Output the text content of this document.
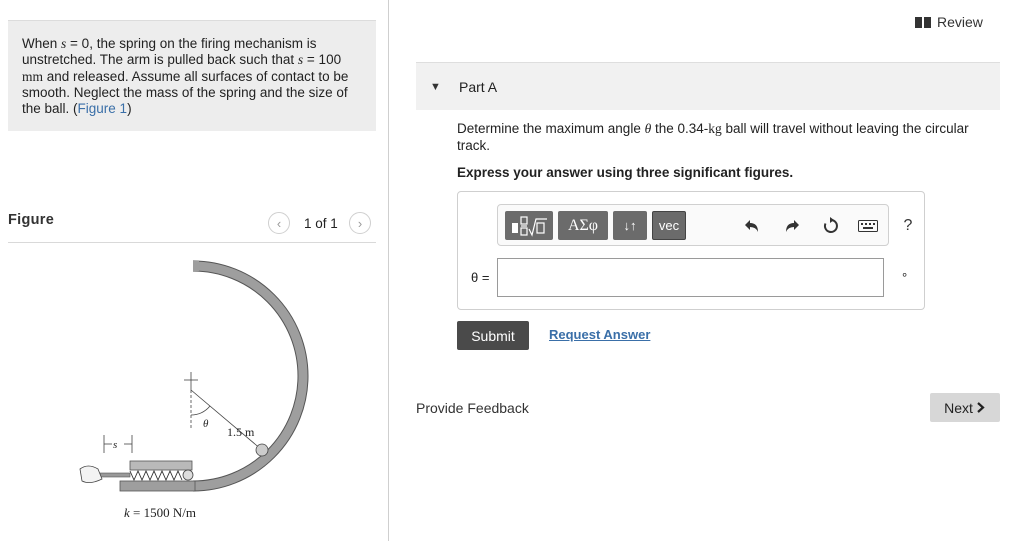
When s = 0, the spring on the firing mechanism is unstretched. The arm is pulled back such that s = 100 mm and released. Assume all surfaces of contact to be smooth. Neglect the mass of the spring and the size of the ball. (Figure 1)
Figure	‹ 1 of 1 ›
s
θ
1.5 m
k = 1500 N/m
Review
▼ Part A
Determine the maximum angle θ the 0.34-kg ball will travel without leaving the circular track.
Express your answer using three significant figures.
ΑΣφ	↓↑	vec	?
θ =	°
Submit	Request Answer
Provide Feedback	Next
